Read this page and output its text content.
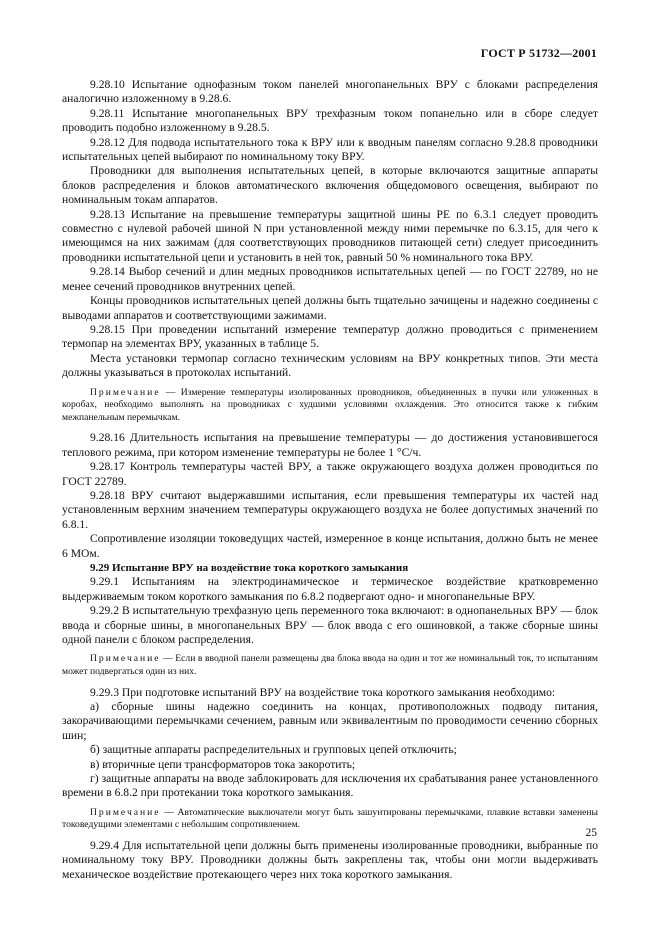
ГОСТ Р 51732—2001

9.28.10 Испытание однофазным током панелей многопанельных ВРУ с блоками распределения аналогично изложенному в 9.28.6.

9.28.11 Испытание многопанельных ВРУ трехфазным током попанельно или в сборе следует проводить подобно изложенному в 9.28.5.

9.28.12 Для подвода испытательного тока к ВРУ или к вводным панелям согласно 9.28.8 проводники испытательных цепей выбирают по номинальному току ВРУ.

Проводники для выполнения испытательных цепей, в которые включаются защитные аппараты блоков распределения и блоков автоматического включения общедомового освещения, выбирают по номинальным токам аппаратов.

9.28.13 Испытание на превышение температуры защитной шины PE по 6.3.1 следует проводить совместно с нулевой рабочей шиной N при установленной между ними перемычке по 6.3.15, для чего к имеющимся на них зажимам (для соответствующих проводников питающей сети) следует присоединить проводники испытательной цепи и установить в ней ток, равный 50 % номинального тока ВРУ.

9.28.14 Выбор сечений и длин медных проводников испытательных цепей — по ГОСТ 22789, но не менее сечений проводников внутренних цепей.

Концы проводников испытательных цепей должны быть тщательно зачищены и надежно соединены с выводами аппаратов и соответствующими зажимами.

9.28.15 При проведении испытаний измерение температур должно проводиться с применением термопар на элементах ВРУ, указанных в таблице 5.

Места установки термопар согласно техническим условиям на ВРУ конкретных типов. Эти места должны указываться в протоколах испытаний.

Примечание — Измерение температуры изолированных проводников, объединенных в пучки или уложенных в коробах, необходимо выполнять на проводниках с худшими условиями охлаждения. Это относится также к гибким межпанельным перемычкам.

9.28.16 Длительность испытания на превышение температуры — до достижения установившегося теплового режима, при котором изменение температуры не более 1 °С/ч.

9.28.17 Контроль температуры частей ВРУ, а также окружающего воздуха должен проводиться по ГОСТ 22789.

9.28.18 ВРУ считают выдержавшими испытания, если превышения температуры их частей над установленным верхним значением температуры окружающего воздуха не более допустимых значений по 6.8.1.

Сопротивление изоляции токоведущих частей, измеренное в конце испытания, должно быть не менее 6 МОм.

9.29 Испытание ВРУ на воздействие тока короткого замыкания

9.29.1 Испытаниям на электродинамическое и термическое воздействие кратковременно выдерживаемым током короткого замыкания по 6.8.2 подвергают одно- и многопанельные ВРУ.

9.29.2 В испытательную трехфазную цепь переменного тока включают: в однопанельных ВРУ — блок ввода и сборные шины, в многопанельных ВРУ — блок ввода с его ошиновкой, а также сборные шины одной панели с блоком распределения.

Примечание — Если в вводной панели размещены два блока ввода на один и тот же номинальный ток, то испытаниям может подвергаться один из них.

9.29.3 При подготовке испытаний ВРУ на воздействие тока короткого замыкания необходимо:

а) сборные шины надежно соединить на концах, противоположных подводу питания, закорачивающими перемычками сечением, равным или эквивалентным по проводимости сечению сборных шин;

б) защитные аппараты распределительных и групповых цепей отключить;

в) вторичные цепи трансформаторов тока закоротить;

г) защитные аппараты на вводе заблокировать для исключения их срабатывания ранее установленного времени в 6.8.2 при протекании тока короткого замыкания.

Примечание — Автоматические выключатели могут быть зашунтированы перемычками, плавкие вставки заменены токоведущими элементами с небольшим сопротивлением.

9.29.4 Для испытательной цепи должны быть применены изолированные проводники, выбранные по номинальному току ВРУ. Проводники должны быть закреплены так, чтобы они могли выдерживать механическое воздействие протекающего через них тока короткого замыкания.

25
